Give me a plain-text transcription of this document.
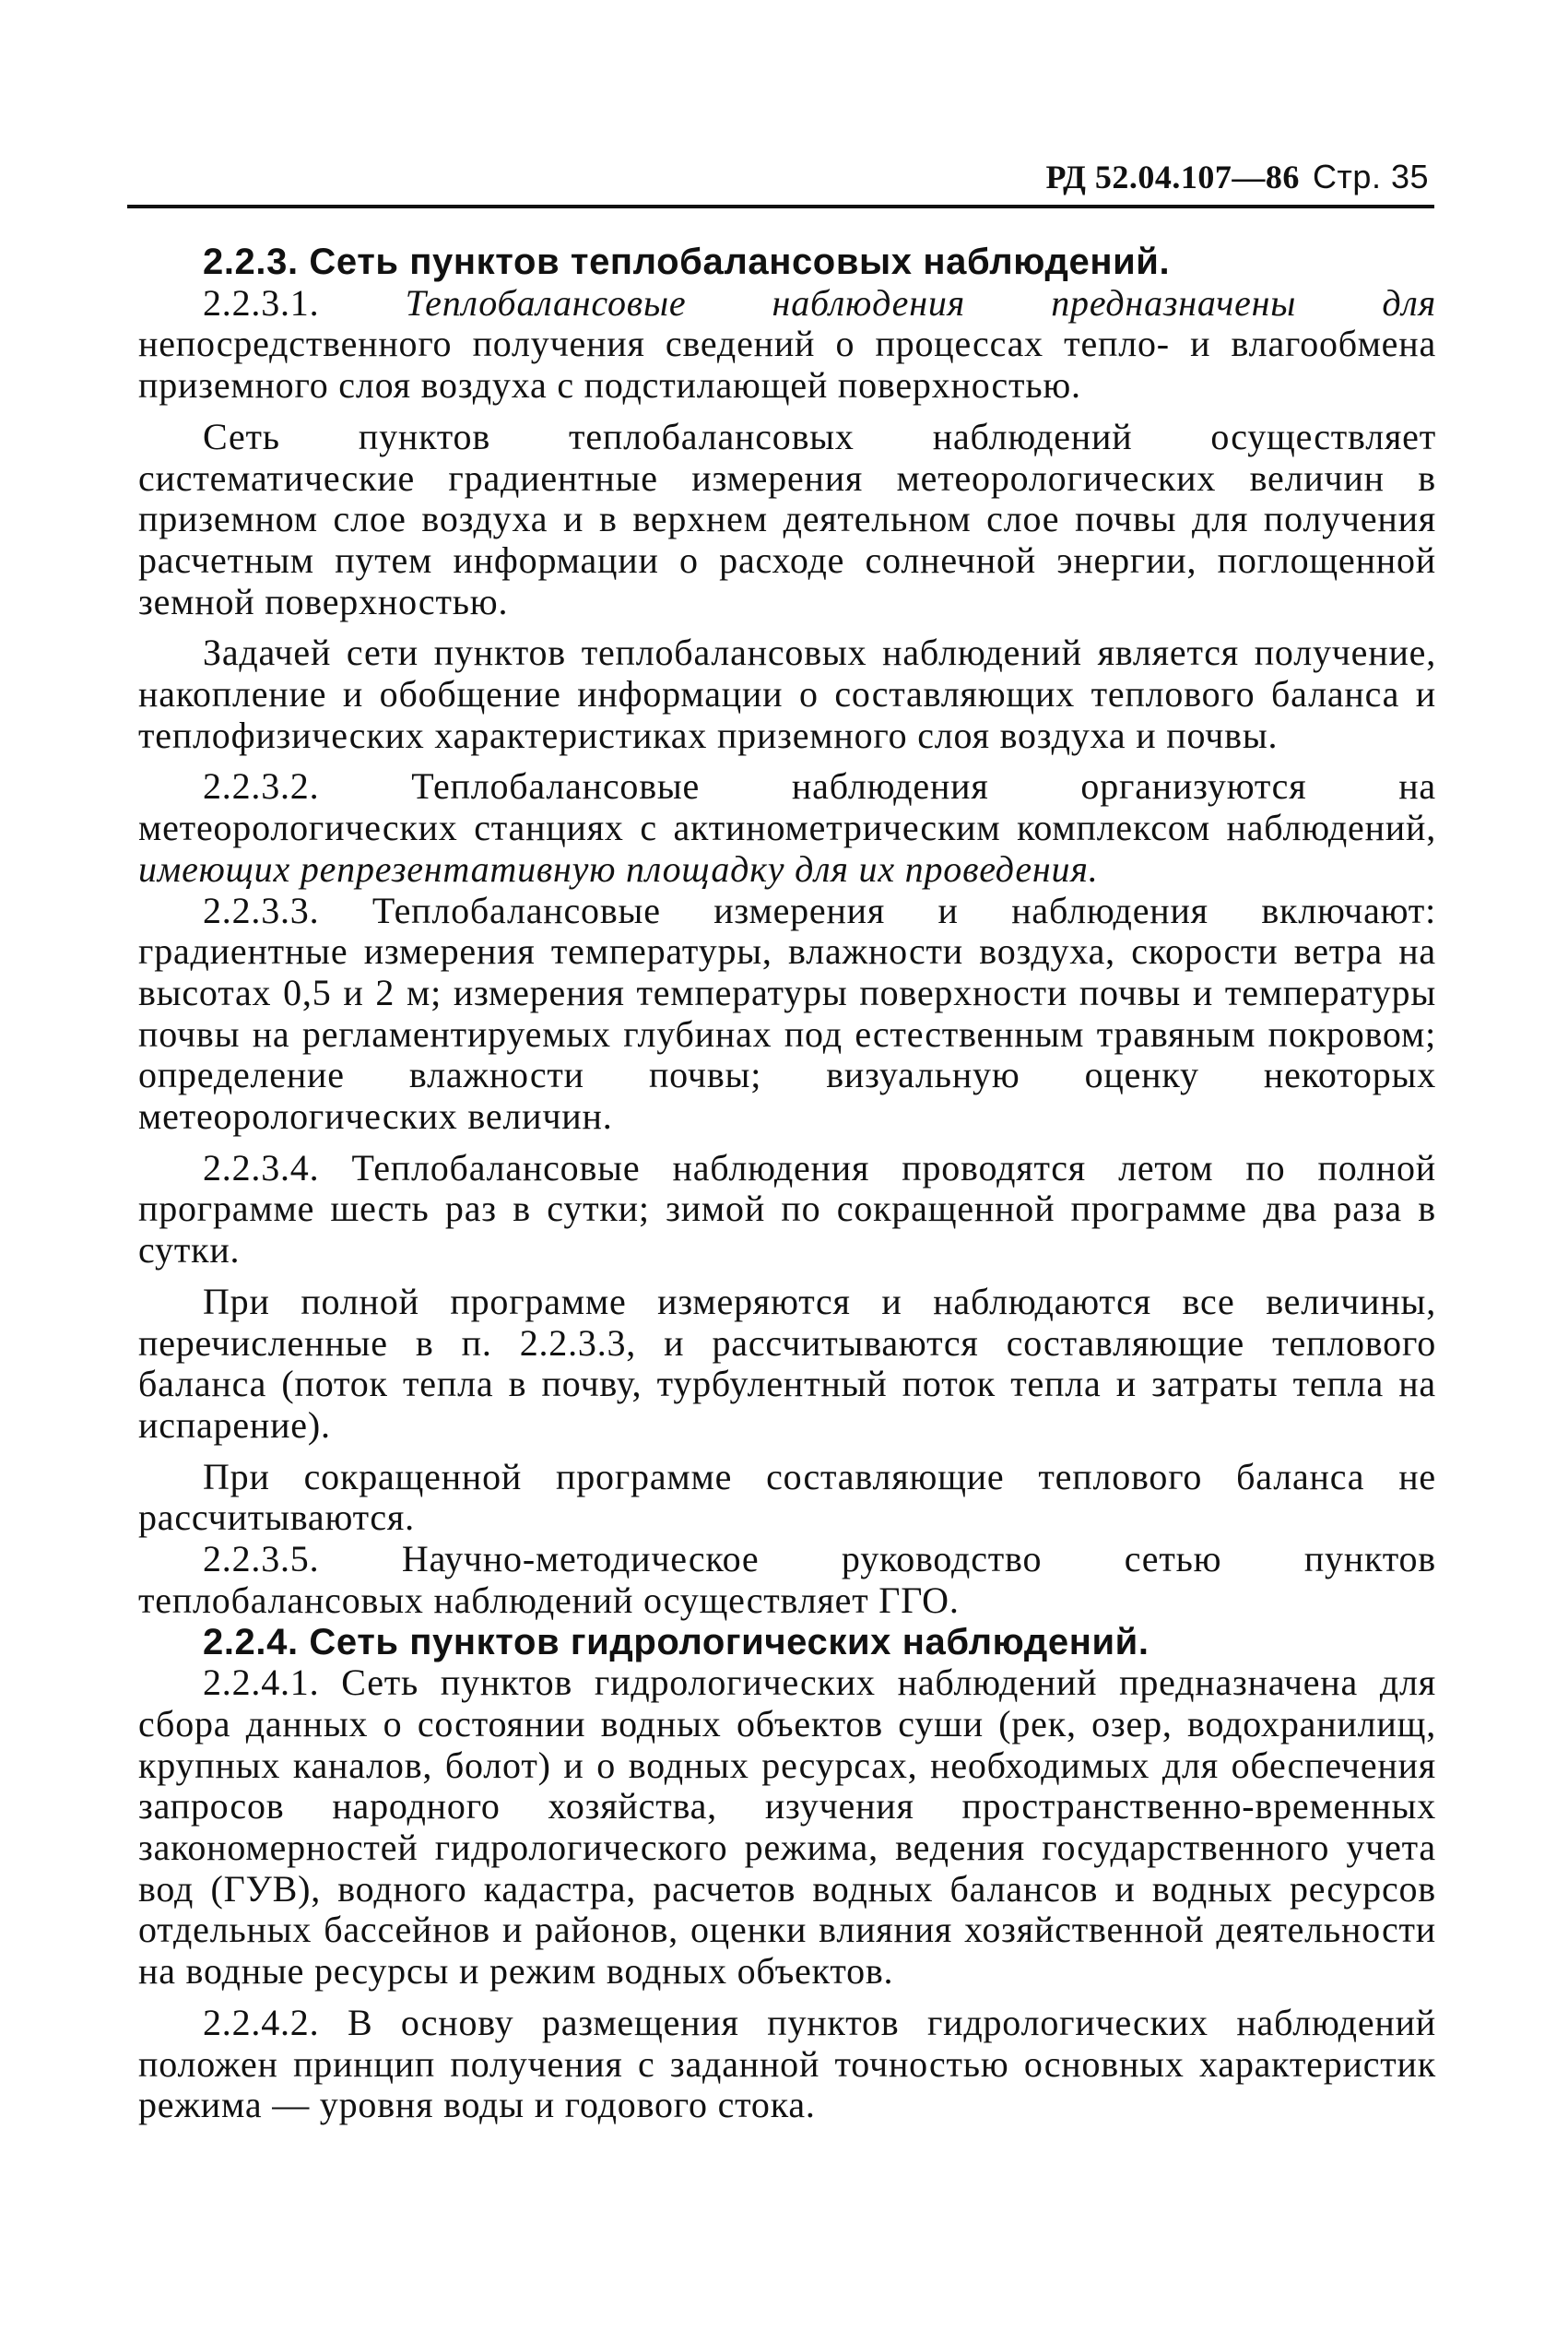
РД 52.04.107—86 Стр. 35

2.2.3. Сеть пунктов теплобалансовых наблюдений.

2.2.3.1. Теплобалансовые наблюдения предназначены для непосредственного получения сведений о процессах тепло- и влагообмена приземного слоя воздуха с подстилающей поверхностью.

Сеть пунктов теплобалансовых наблюдений осуществляет систематические градиентные измерения метеорологических величин в приземном слое воздуха и в верхнем деятельном слое почвы для получения расчетным путем информации о расходе солнечной энергии, поглощенной земной поверхностью.

Задачей сети пунктов теплобалансовых наблюдений является получение, накопление и обобщение информации о составляющих теплового баланса и теплофизических характеристиках приземного слоя воздуха и почвы.

2.2.3.2. Теплобалансовые наблюдения организуются на метеорологических станциях с актинометрическим комплексом наблюдений, имеющих репрезентативную площадку для их проведения.

2.2.3.3. Теплобалансовые измерения и наблюдения включают: градиентные измерения температуры, влажности воздуха, скорости ветра на высотах 0,5 и 2 м; измерения температуры поверхности почвы и температуры почвы на регламентируемых глубинах под естественным травяным покровом; определение влажности почвы; визуальную оценку некоторых метеорологических величин.

2.2.3.4. Теплобалансовые наблюдения проводятся летом по полной программе шесть раз в сутки; зимой по сокращенной программе два раза в сутки.

При полной программе измеряются и наблюдаются все величины, перечисленные в п. 2.2.3.3, и рассчитываются составляющие теплового баланса (поток тепла в почву, турбулентный поток тепла и затраты тепла на испарение).

При сокращенной программе составляющие теплового баланса не рассчитываются.

2.2.3.5. Научно-методическое руководство сетью пунктов теплобалансовых наблюдений осуществляет ГГО.

2.2.4. Сеть пунктов гидрологических наблюдений.

2.2.4.1. Сеть пунктов гидрологических наблюдений предназначена для сбора данных о состоянии водных объектов суши (рек, озер, водохранилищ, крупных каналов, болот) и о водных ресурсах, необходимых для обеспечения запросов народного хозяйства, изучения пространственно-временных закономерностей гидрологического режима, ведения государственного учета вод (ГУВ), водного кадастра, расчетов водных балансов и водных ресурсов отдельных бассейнов и районов, оценки влияния хозяйственной деятельности на водные ресурсы и режим водных объектов.

2.2.4.2. В основу размещения пунктов гидрологических наблюдений положен принцип получения с заданной точностью основных характеристик режима — уровня воды и годового стока.
